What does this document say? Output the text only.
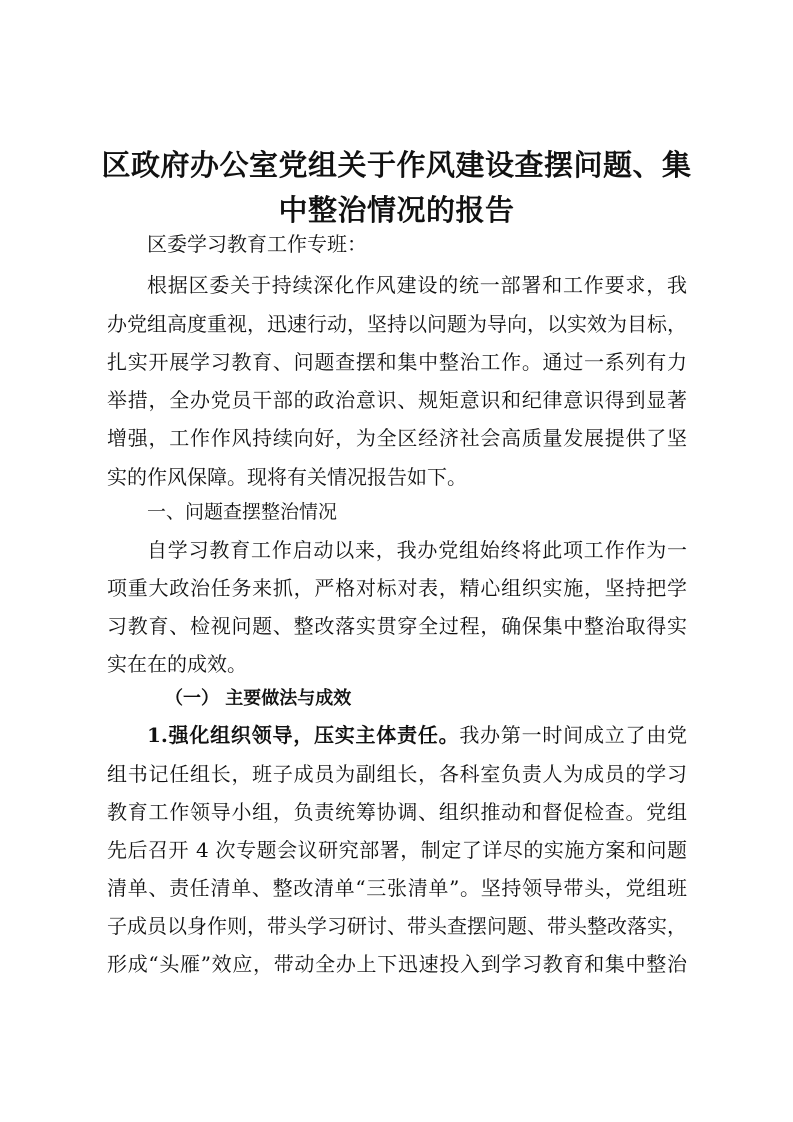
区政府办公室党组关于作风建设查摆问题、集
中整治情况的报告
区委学习教育工作专班：
根据区委关于持续深化作风建设的统一部署和工作要求，我
办党组高度重视，迅速行动，坚持以问题为导向，以实效为目标，
扎实开展学习教育、问题查摆和集中整治工作。通过一系列有力
举措，全办党员干部的政治意识、规矩意识和纪律意识得到显著
增强，工作作风持续向好，为全区经济社会高质量发展提供了坚
实的作风保障。现将有关情况报告如下。
一、问题查摆整治情况
自学习教育工作启动以来，我办党组始终将此项工作作为一
项重大政治任务来抓，严格对标对表，精心组织实施，坚持把学
习教育、检视问题、整改落实贯穿全过程，确保集中整治取得实
实在在的成效。
（一） 主要做法与成效
1.强化组织领导，压实主体责任。我办第一时间成立了由党
组书记任组长，班子成员为副组长，各科室负责人为成员的学习
教育工作领导小组，负责统筹协调、组织推动和督促检查。党组
先后召开 4 次专题会议研究部署，制定了详尽的实施方案和问题
清单、责任清单、整改清单“三张清单”。坚持领导带头，党组班
子成员以身作则，带头学习研讨、带头查摆问题、带头整改落实，
形成“头雁”效应，带动全办上下迅速投入到学习教育和集中整治
